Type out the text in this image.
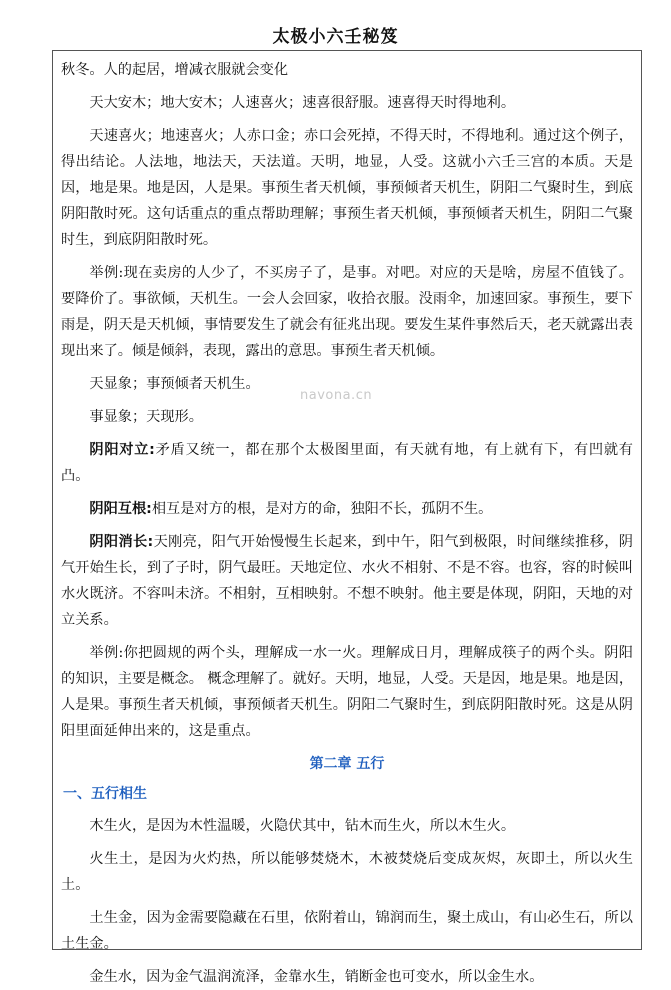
太极小六壬秘笈

秋冬。人的起居，增减衣服就会变化

天大安木；地大安木；人速喜火；速喜很舒服。速喜得天时得地利。

天速喜火；地速喜火；人赤口金；赤口会死掉，不得天时，不得地利。通过这个例子，得出结论。人法地，地法天，天法道。天明，地显，人受。这就小六壬三宫的本质。天是因，地是果。地是因，人是果。事预生者天机倾，事预倾者天机生，阴阳二气聚时生，到底阴阳散时死。这句话重点的重点帮助理解；事预生者天机倾，事预倾者天机生，阴阳二气聚时生，到底阴阳散时死。

举例:现在卖房的人少了，不买房子了，是事。对吧。对应的天是啥，房屋不值钱了。要降价了。事欲倾，天机生。一会人会回家，收拾衣服。没雨伞，加速回家。事预生，要下雨是，阴天是天机倾，事情要发生了就会有征兆出现。要发生某件事然后天，老天就露出表现出来了。倾是倾斜，表现，露出的意思。事预生者天机倾。

天显象；事预倾者天机生。

事显象；天现形。

阴阳对立:矛盾又统一，都在那个太极图里面，有天就有地，有上就有下，有凹就有凸。

阴阳互根:相互是对方的根，是对方的命，独阳不长，孤阴不生。

阴阳消长:天刚亮，阳气开始慢慢生长起来，到中午，阳气到极限，时间继续推移，阴气开始生长，到了子时，阴气最旺。天地定位、水火不相射、不是不容。也容，容的时候叫水火既济。不容叫未济。不相射，互相映射。不想不映射。他主要是体现，阴阳，天地的对立关系。

举例:你把圆规的两个头，理解成一水一火。理解成日月，理解成筷子的两个头。阴阳的知识，主要是概念。 概念理解了。就好。天明，地显，人受。天是因，地是果。地是因，人是果。事预生者天机倾，事预倾者天机生。阴阳二气聚时生，到底阴阳散时死。这是从阴阳里面延伸出来的，这是重点。

第二章 五行
一、五行相生

木生火，是因为木性温暖，火隐伏其中，钻木而生火，所以木生火。

火生土，是因为火灼热，所以能够焚烧木，木被焚烧后变成灰烬，灰即土，所以火生土。

土生金，因为金需要隐藏在石里，依附着山，锦润而生，聚土成山，有山必生石，所以土生金。

金生水，因为金气温润流泽，金靠水生，销断金也可变水，所以金生水。

navona.cn
